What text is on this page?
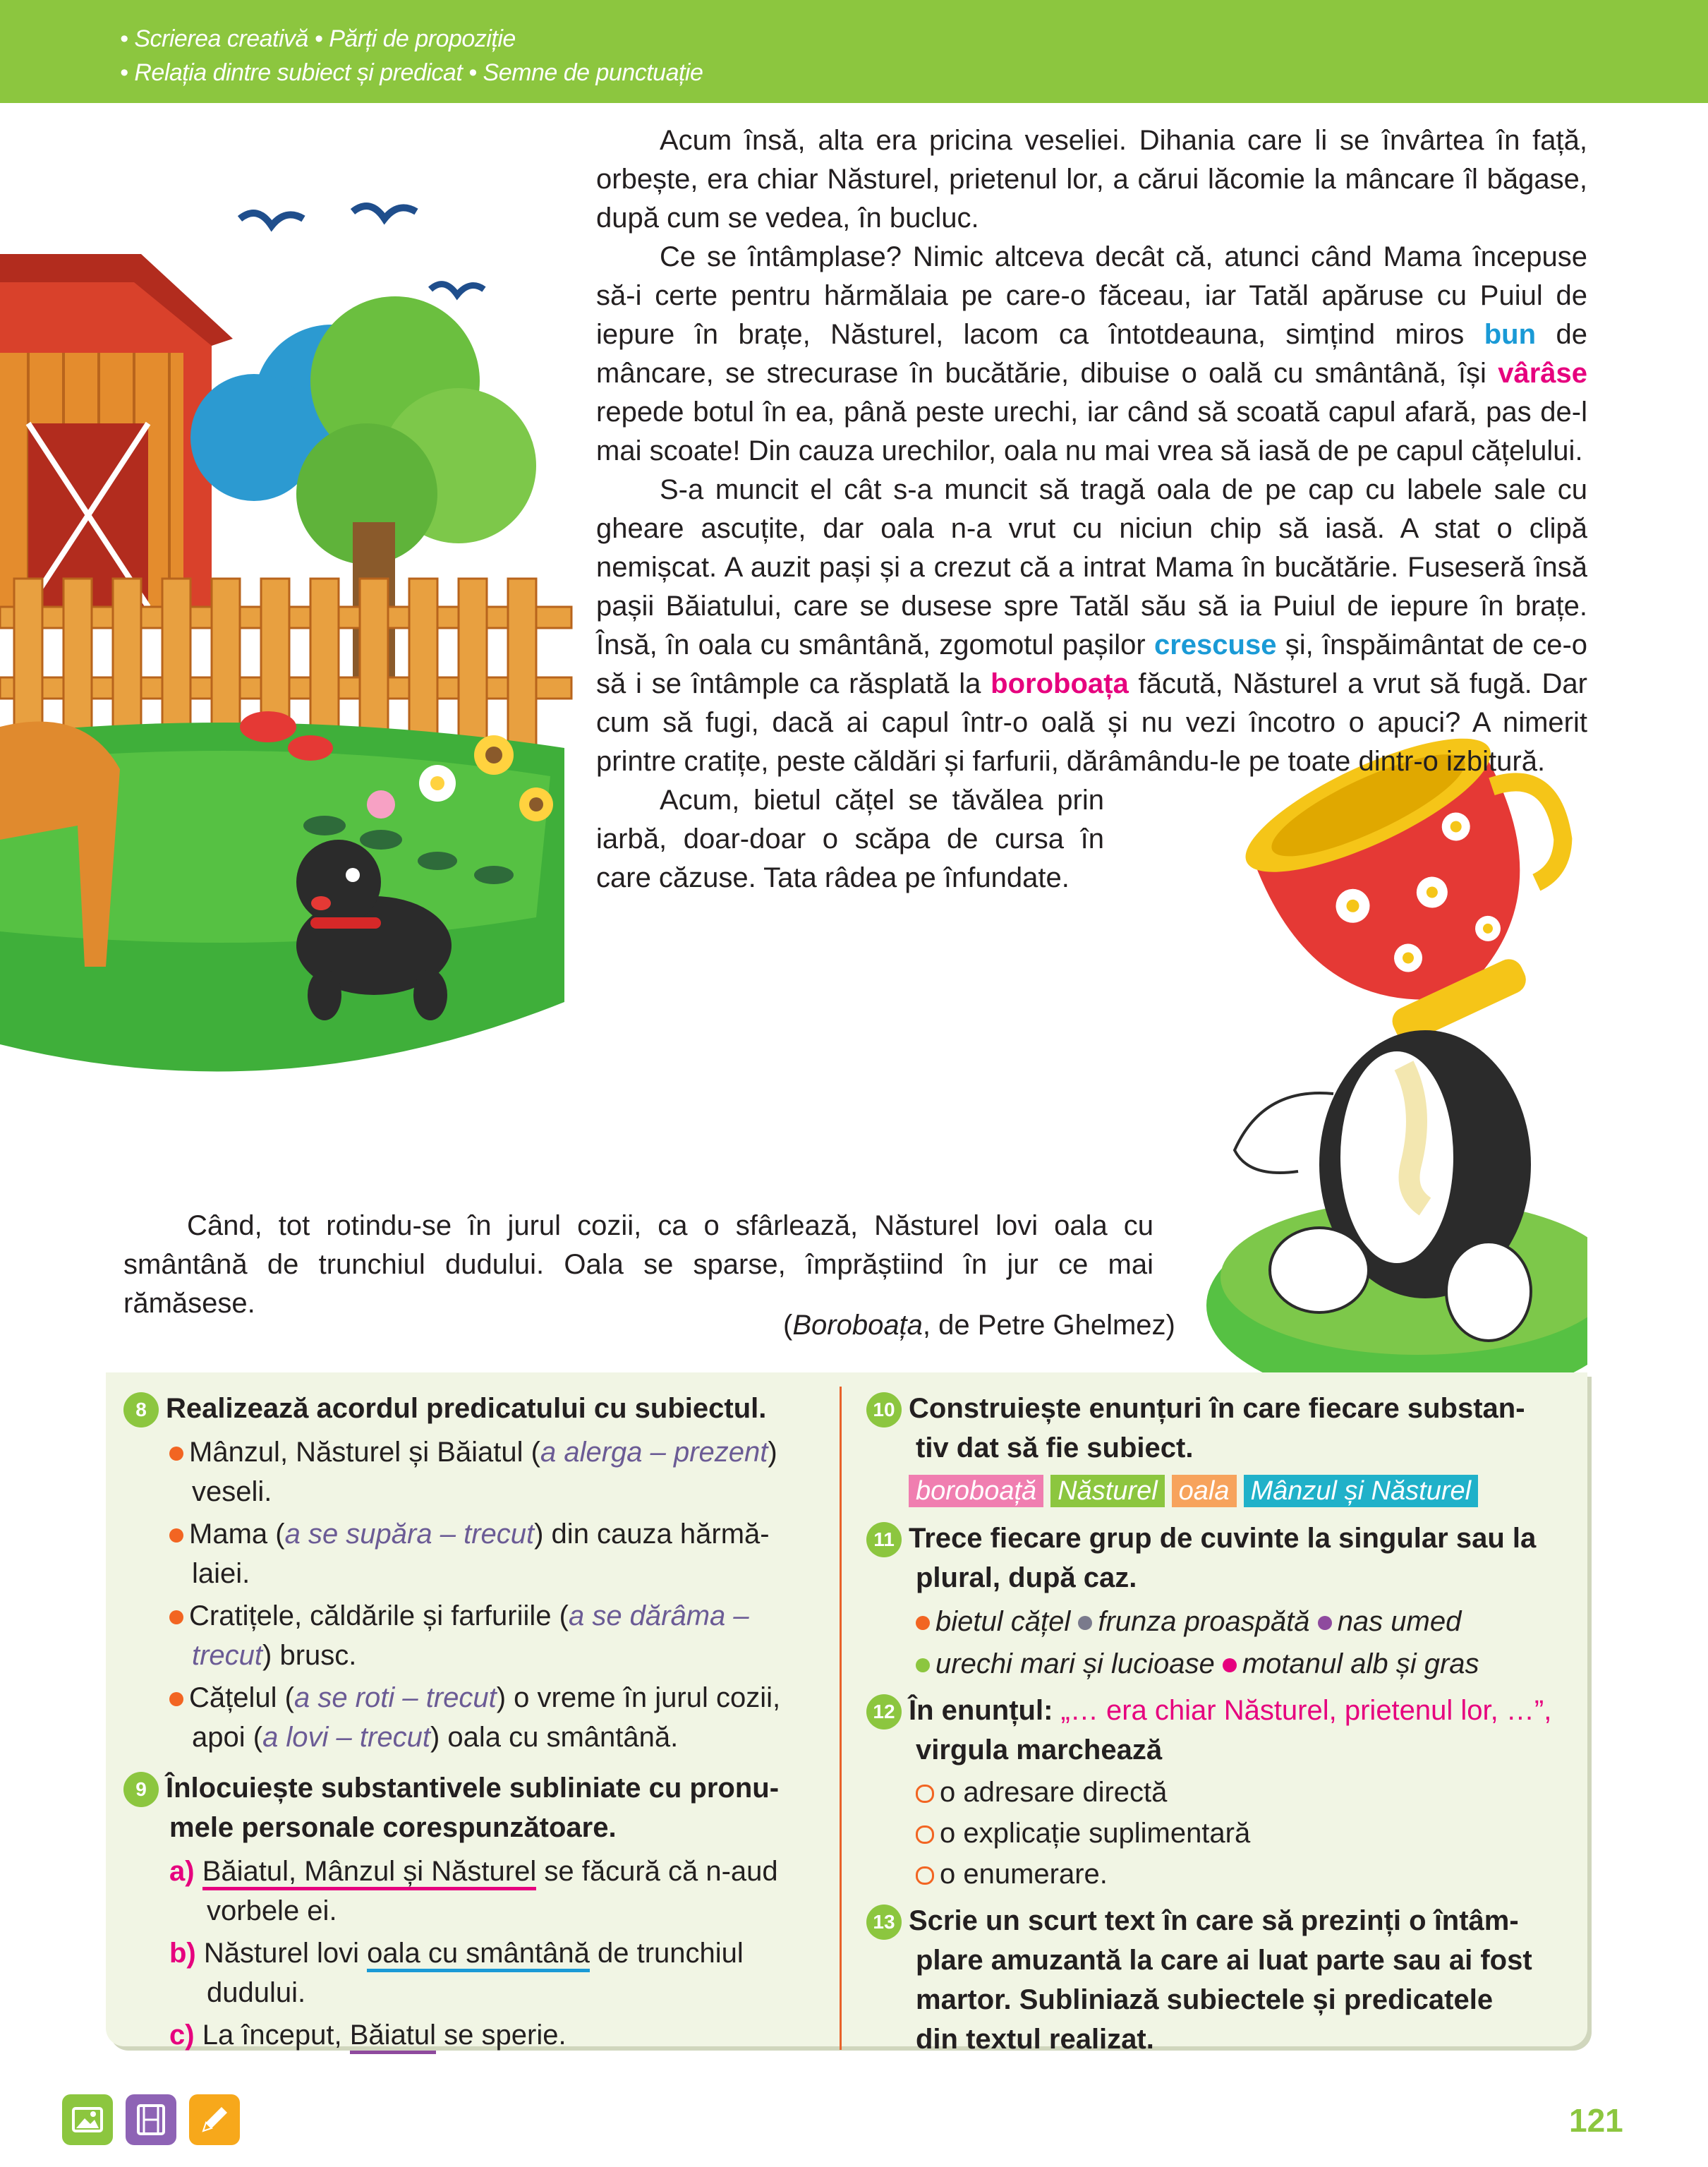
• Scrierea creativă • Părți de propoziție
• Relația dintre subiect și predicat • Semne de punctuație

Acum însă, alta era pricina veseliei. Dihania care li se învârtea în față, orbește, era chiar Năsturel, prietenul lor, a cărui lăcomie la mâncare îl băgase, după cum se vedea, în bucluc.

Ce se întâmplase? Nimic altceva decât că, atunci când Mama începuse să-i certe pentru hărmălaia pe care-o făceau, iar Tatăl apăruse cu Puiul de iepure în brațe, Năsturel, lacom ca întotdeauna, simțind miros bun de mâncare, se strecurase în bucătărie, dibuise o oală cu smântână, își vârâse repede botul în ea, până peste urechi, iar când să scoată capul afară, pas de-l mai scoate! Din cauza urechilor, oala nu mai vrea să iasă de pe capul cățelului.

S-a muncit el cât s-a muncit să tragă oala de pe cap cu labele sale cu gheare ascuțite, dar oala n-a vrut cu niciun chip să iasă. A stat o clipă nemișcat. A auzit pași și a crezut că a intrat Mama în bucătărie. Fuseseră însă pașii Băiatului, care se dusese spre Tatăl său să ia Puiul de iepure în brațe. Însă, în oala cu smântână, zgomotul pașilor crescuse și, înspăimântat de ce-o să i se întâmple ca răsplată la boroboața făcută, Năsturel a vrut să fugă. Dar cum să fugi, dacă ai capul într-o oală și nu vezi încotro o apuci? A nimerit printre cratițe, peste căldări și farfurii, dărâmându-le pe toate dintr-o izbitură.

Acum, bietul cățel se tăvălea prin iarbă, doar-doar o scăpa de cursa în care căzuse. Tata râdea pe înfundate.

Când, tot rotindu-se în jurul cozii, ca o sfârlează, Năsturel lovi oala cu smântână de trunchiul dudului. Oala se sparse, împrăștiind în jur ce mai rămăsese.

(Boroboața, de Petre Ghelmez)
8 Realizează acordul predicatului cu subiectul.
Mânzul, Năsturel și Băiatul (a alerga – prezent)
veseli.
Mama (a se supăra – trecut) din cauza hărmă-
laiei.
Cratițele, căldările și farfuriile (a se dărâma –
trecut) brusc.
Cățelul (a se roti – trecut) o vreme în jurul cozii,
apoi (a lovi – trecut) oala cu smântână.
9 Înlocuiește substantivele subliniate cu pronu-
mele personale corespunzătoare.
a) Băiatul, Mânzul și Năsturel se făcură că n-aud
vorbele ei.
b) Năsturel lovi oala cu smântână de trunchiul
dudului.
c) La început, Băiatul se sperie.
10 Construiește enunțuri în care fiecare substan-
tiv dat să fie subiect.
boroboață Năsturel oala Mânzul și Năsturel
11 Trece fiecare grup de cuvinte la singular sau la
plural, după caz.
bietul cățel frunza proaspătă nas umed
urechi mari și lucioase motanul alb și gras
12 În enunțul: „… era chiar Năsturel, prietenul lor, …”,
virgula marchează
o adresare directă
o explicație suplimentară
o enumerare.
13 Scrie un scurt text în care să prezinți o întâm-
plare amuzantă la care ai luat parte sau ai fost
martor. Subliniază subiectele și predicatele
din textul realizat.
121
